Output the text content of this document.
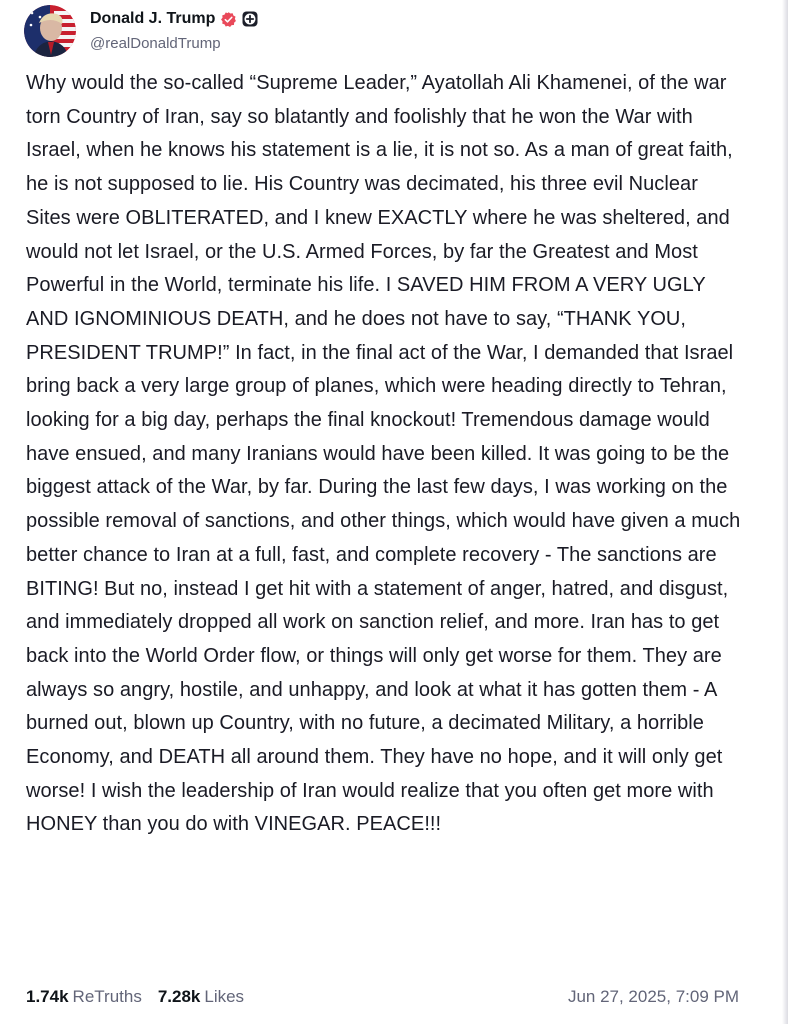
Donald J. Trump
@realDonaldTrump
Why would the so-called “Supreme Leader,” Ayatollah Ali Khamenei, of the war torn Country of Iran, say so blatantly and foolishly that he won the War with Israel, when he knows his statement is a lie, it is not so. As a man of great faith, he is not supposed to lie. His Country was decimated, his three evil Nuclear Sites were OBLITERATED, and I knew EXACTLY where he was sheltered, and would not let Israel, or the U.S. Armed Forces, by far the Greatest and Most Powerful in the World, terminate his life. I SAVED HIM FROM A VERY UGLY AND IGNOMINIOUS DEATH, and he does not have to say, “THANK YOU, PRESIDENT TRUMP!” In fact, in the final act of the War, I demanded that Israel bring back a very large group of planes, which were heading directly to Tehran, looking for a big day, perhaps the final knockout! Tremendous damage would have ensued, and many Iranians would have been killed. It was going to be the biggest attack of the War, by far. During the last few days, I was working on the possible removal of sanctions, and other things, which would have given a much better chance to Iran at a full, fast, and complete recovery - The sanctions are BITING! But no, instead I get hit with a statement of anger, hatred, and disgust, and immediately dropped all work on sanction relief, and more. Iran has to get back into the World Order flow, or things will only get worse for them. They are always so angry, hostile, and unhappy, and look at what it has gotten them - A burned out, blown up Country, with no future, a decimated Military, a horrible Economy, and DEATH all around them. They have no hope, and it will only get worse! I wish the leadership of Iran would realize that you often get more with HONEY than you do with VINEGAR. PEACE!!!
1.74k ReTruths 7.28k Likes	Jun 27, 2025, 7:09 PM
